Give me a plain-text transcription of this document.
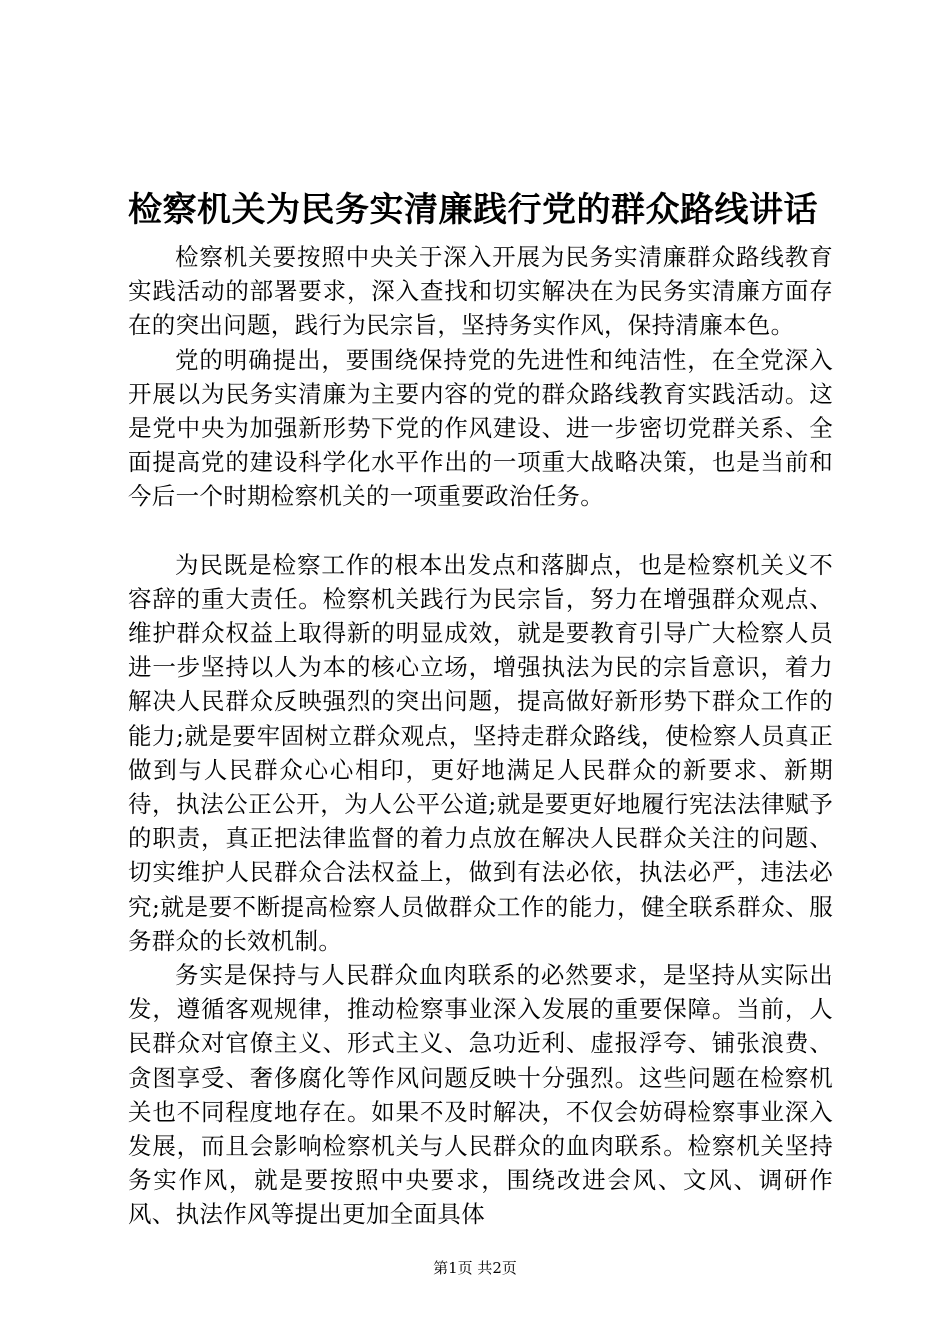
检察机关为民务实清廉践行党的群众路线讲话

检察机关要按照中央关于深入开展为民务实清廉群众路线教育实践活动的部署要求，深入查找和切实解决在为民务实清廉方面存在的突出问题，践行为民宗旨，坚持务实作风，保持清廉本色。

党的明确提出，要围绕保持党的先进性和纯洁性，在全党深入开展以为民务实清廉为主要内容的党的群众路线教育实践活动。这是党中央为加强新形势下党的作风建设、进一步密切党群关系、全面提高党的建设科学化水平作出的一项重大战略决策，也是当前和今后一个时期检察机关的一项重要政治任务。

为民既是检察工作的根本出发点和落脚点，也是检察机关义不容辞的重大责任。检察机关践行为民宗旨，努力在增强群众观点、维护群众权益上取得新的明显成效，就是要教育引导广大检察人员进一步坚持以人为本的核心立场，增强执法为民的宗旨意识，着力解决人民群众反映强烈的突出问题，提高做好新形势下群众工作的能力;就是要牢固树立群众观点，坚持走群众路线，使检察人员真正做到与人民群众心心相印，更好地满足人民群众的新要求、新期待，执法公正公开，为人公平公道;就是要更好地履行宪法法律赋予的职责，真正把法律监督的着力点放在解决人民群众关注的问题、切实维护人民群众合法权益上，做到有法必依，执法必严，违法必究;就是要不断提高检察人员做群众工作的能力，健全联系群众、服务群众的长效机制。

务实是保持与人民群众血肉联系的必然要求，是坚持从实际出发，遵循客观规律，推动检察事业深入发展的重要保障。当前，人民群众对官僚主义、形式主义、急功近利、虚报浮夸、铺张浪费、贪图享受、奢侈腐化等作风问题反映十分强烈。这些问题在检察机关也不同程度地存在。如果不及时解决，不仅会妨碍检察事业深入发展，而且会影响检察机关与人民群众的血肉联系。检察机关坚持务实作风，就是要按照中央要求，围绕改进会风、文风、调研作风、执法作风等提出更加全面具体

第1页 共2页
